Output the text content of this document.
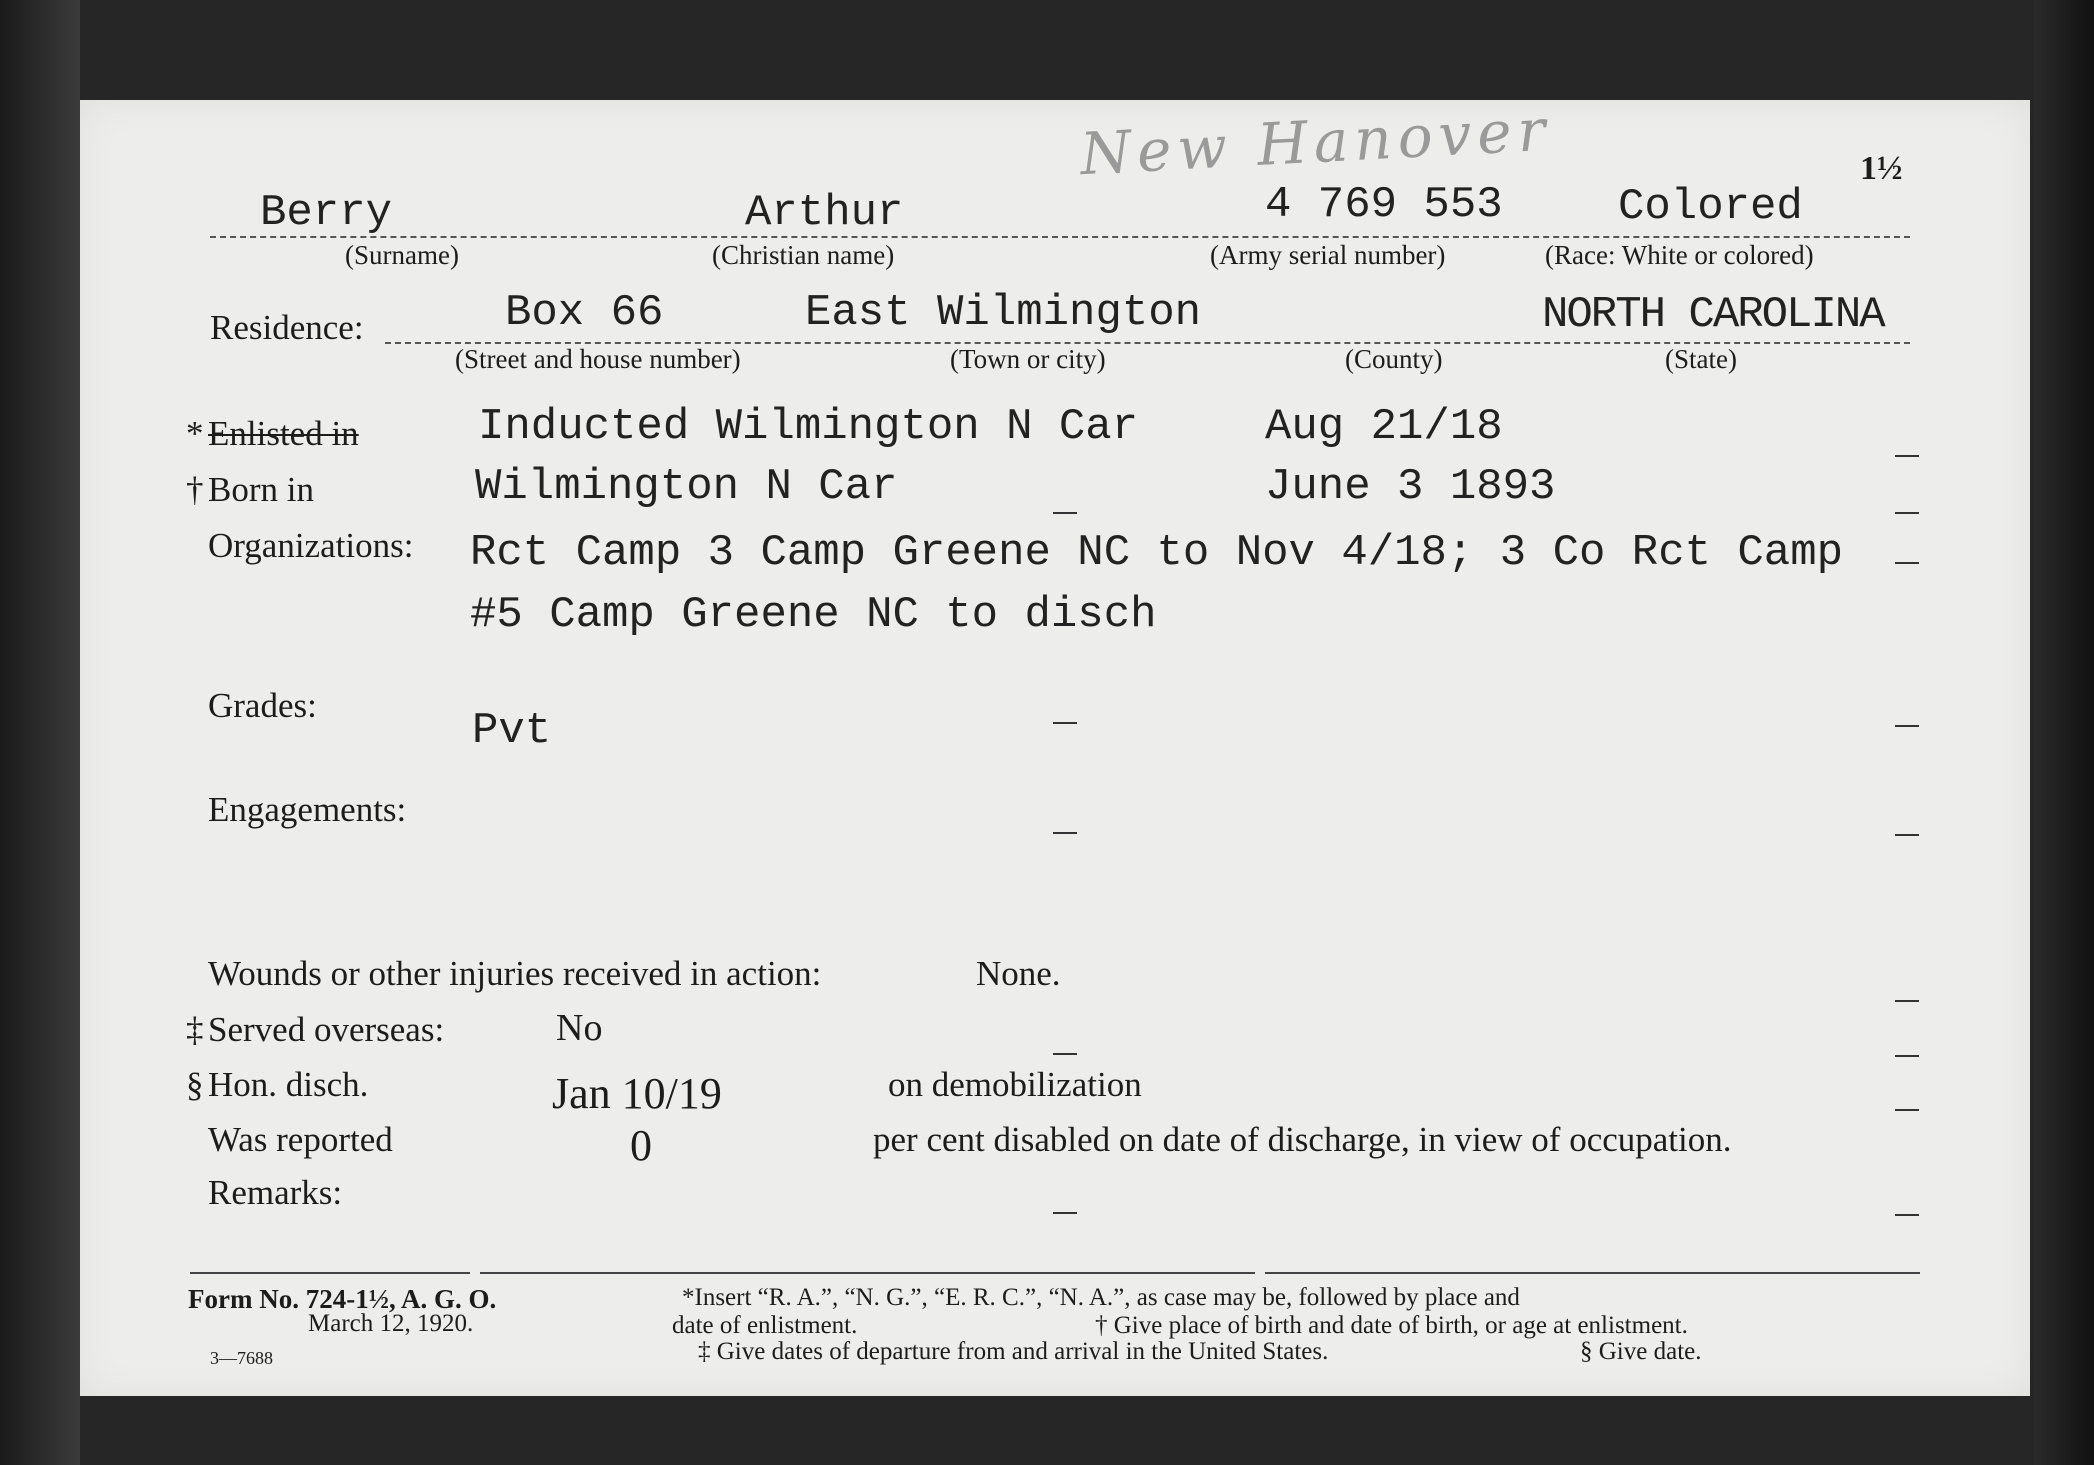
New Hanover	1½
Berry	Arthur	4 769 553	Colored
(Surname)	(Christian name)	(Army serial number)	(Race: White or colored)
Residence:	Box 66	East Wilmington	NORTH CAROLINA
(Street and house number)	(Town or city)	(County)	(State)
* Enlisted in	Inducted Wilmington N Car	Aug 21/18
† Born in	Wilmington N Car	June 3 1893
Organizations: Rct Camp 3 Camp Greene NC to Nov 4/18; 3 Co Rct Camp
#5 Camp Greene NC to disch
Grades:
Pvt
Engagements:
Wounds or other injuries received in action:	None.
‡ Served overseas:	No
§ Hon. disch.	Jan 10/19	on demobilization
Was reported	0	per cent disabled on date of discharge, in view of occupation.
Remarks:
Form No. 724-1½, A. G. O.
March 12, 1920.
3—7688
*Insert “R. A.”, “N. G.”, “E. R. C.”, “N. A.”, as case may be, followed by place and
date of enlistment.	† Give place of birth and date of birth, or age at enlistment.
‡ Give dates of departure from and arrival in the United States.	§ Give date.
